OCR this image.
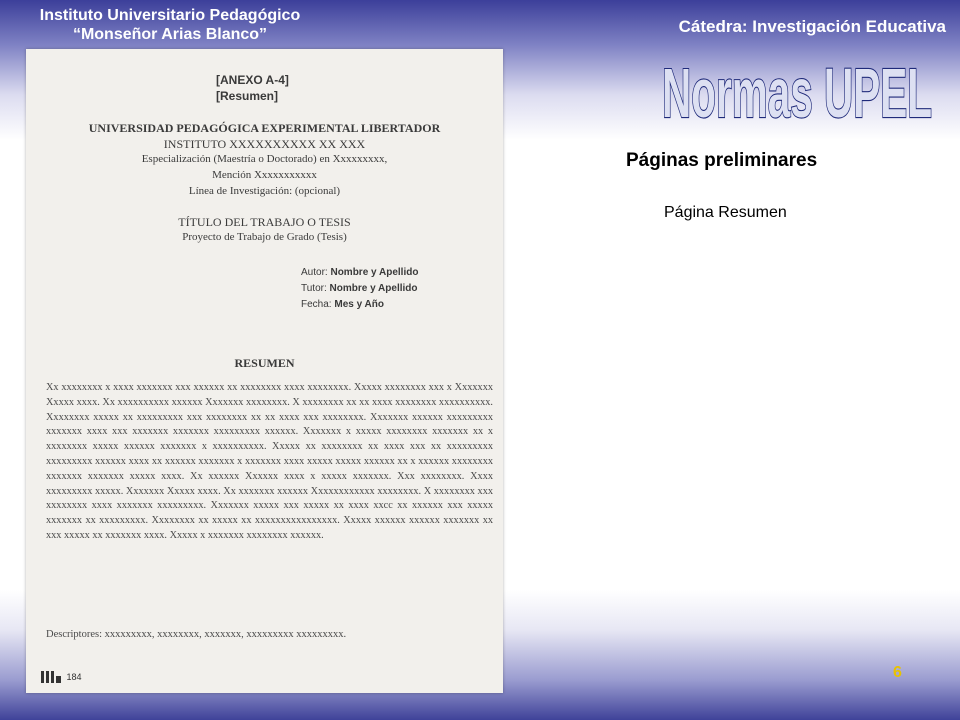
Instituto Universitario Pedagógico
“Monseñor Arias Blanco”	Cátedra: Investigación Educativa
Normas UPEL
Páginas preliminares
Página Resumen
[ANEXO A-4]
[Resumen]
UNIVERSIDAD PEDAGÓGICA EXPERIMENTAL LIBERTADOR
INSTITUTO XXXXXXXXXX XX XXX
Especialización (Maestría o Doctorado) en Xxxxxxxxx,
Mención Xxxxxxxxxxx
Línea de Investigación: (opcional)
TÍTULO DEL TRABAJO O TESIS
Proyecto de Trabajo de Grado (Tesis)
Autor: Nombre y Apellido
Tutor: Nombre y Apellido
Fecha: Mes y Año
RESUMEN
Xx xxxxxxxx x xxxx xxxxxxx xxx xxxxxx xx xxxxxxxx xxxx xxxxxxxx. Xxxxx xxxxxxxx xxx x Xxxxxxx Xxxxx xxxx. Xx xxxxxxxxxx xxxxxx Xxxxxxx xxxxxxxx. X xxxxxxxx xx xx xxxx xxxxxxxx xxxxxxxxxx. Xxxxxxxx xxxxx xx xxxxxxxxx xxx xxxxxxxx xx xx xxxx xxx xxxxxxxx. Xxxxxxx xxxxxx xxxxxxxxx xxxxxxx xxxx xxx xxxxxxx xxxxxxx xxxxxxxxx xxxxxx. Xxxxxxx x xxxxx xxxxxxxx xxxxxxx xx x xxxxxxxx xxxxx xxxxxx xxxxxxx x xxxxxxxxxx. Xxxxx xx xxxxxxxx xx xxxx xxx xx xxxxxxxxx xxxxxxxxx xxxxxx xxxx xx xxxxxx xxxxxxx x xxxxxxx xxxx xxxxx xxxxx xxxxxx xx x xxxxxx xxxxxxxx xxxxxxx xxxxxxx xxxxx xxxx. Xx xxxxxx Xxxxxx xxxx x xxxxx xxxxxxx. Xxx xxxxxxxx. Xxxx xxxxxxxxx xxxxx. Xxxxxxx Xxxxx xxxx. Xx xxxxxxx xxxxxx Xxxxxxxxxxxx xxxxxxxx. X xxxxxxxx xxx xxxxxxxx xxxx xxxxxxx xxxxxxxxx. Xxxxxxx xxxxx xxx xxxxx xx xxxx xxcc xx xxxxxx xxx xxxxx xxxxxxx xx xxxxxxxxx. Xxxxxxxx xx xxxxx xx xxxxxxxxxxxxxxxx. Xxxxx xxxxxx xxxxxx xxxxxxx xx xxx xxxxx xx xxxxxxx xxxx. Xxxxx x xxxxxxx xxxxxxxx xxxxxx.
Descriptores: xxxxxxxxx, xxxxxxxx, xxxxxxx, xxxxxxxxx xxxxxxxxx.
184	6
